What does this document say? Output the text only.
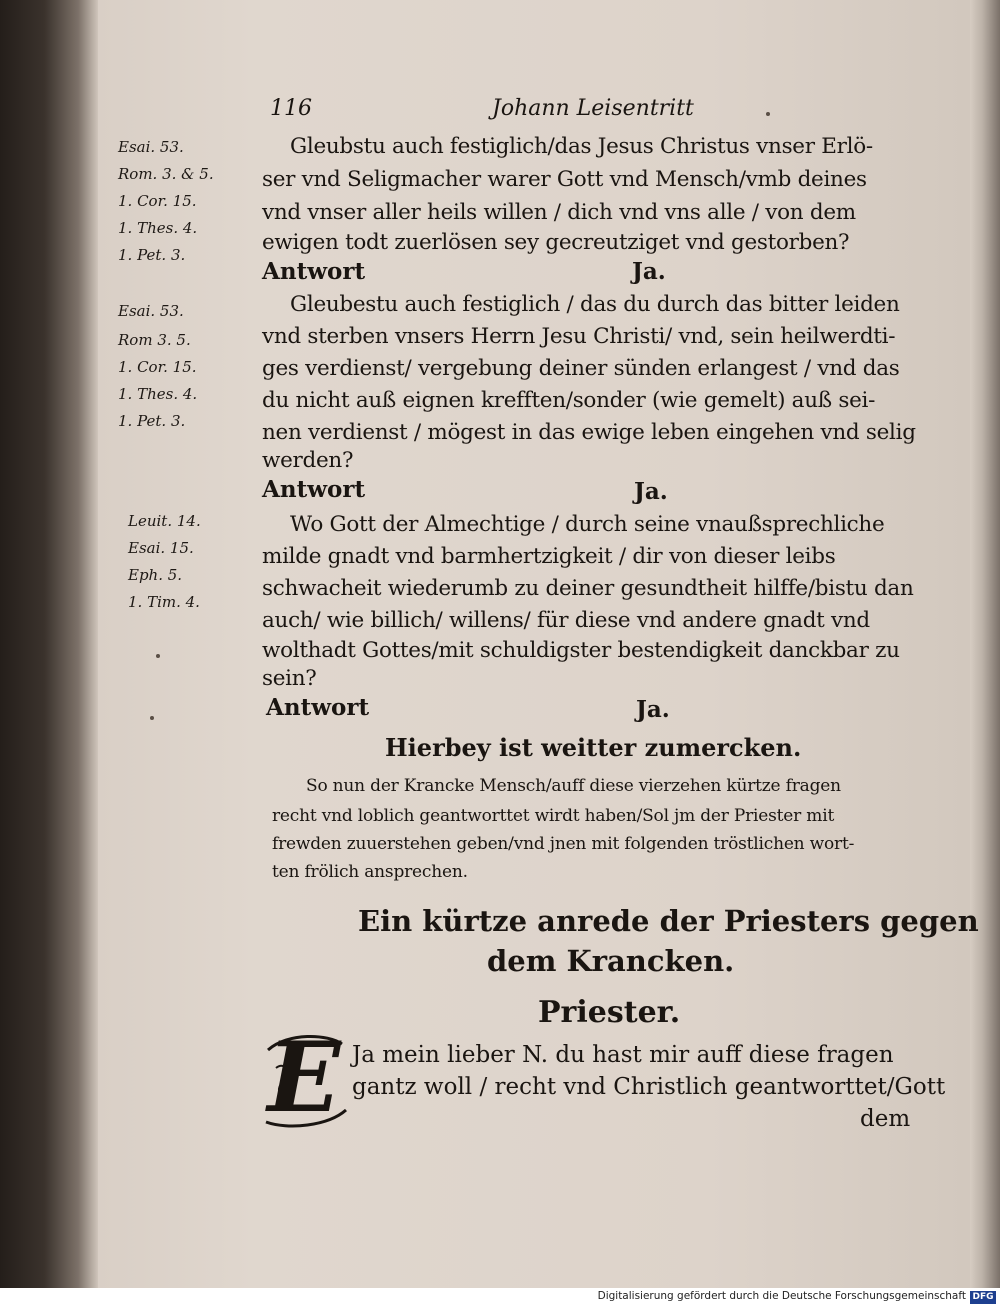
116	Johann Leisentritt
Esai. 53.
Rom. 3. & 5.
1. Cor. 15.
1. Thes. 4.
1. Pet. 3.
Esai. 53.
Rom 3. 5.
1. Cor. 15.
1. Thes. 4.
1. Pet. 3.
Leuit. 14.
Esai. 15.
Eph. 5.
1. Tim. 4.
Gleubstu auch festiglich/das Jesus Christus vnser Erlö-
ser vnd Seligmacher warer Gott vnd Mensch/vmb deines
vnd vnser aller heils willen / dich vnd vns alle / von dem
ewigen todt zuerlösen sey gecreutziget vnd gestorben?
Antwort	Ja.
Gleubestu auch festiglich / das du durch das bitter leiden
vnd sterben vnsers Herrn Jesu Christi/ vnd, sein heilwerdti-
ges verdienst/ vergebung deiner sünden erlangest / vnd das
du nicht auß eignen krefften/sonder (wie gemelt) auß sei-
nen verdienst / mögest in das ewige leben eingehen vnd selig
werden?
Antwort	Ja.
Wo Gott der Almechtige / durch seine vnaußsprechliche
milde gnadt vnd barmhertzigkeit / dir von dieser leibs
schwacheit wiederumb zu deiner gesundtheit hilffe/bistu dan
auch/ wie billich/ willens/ für diese vnd andere gnadt vnd
wolthadt Gottes/mit schuldigster bestendigkeit danckbar zu
sein?
Antwort	Ja.
Hierbey ist weitter zumercken.
So nun der Krancke Mensch/auff diese vierzehen kürtze fragen
recht vnd loblich geantworttet wirdt haben/Sol jm der Priester mit
frewden zuuerstehen geben/vnd jnen mit folgenden tröstlichen wort-
ten frölich ansprechen.
Ein kürtze anrede der Priesters gegen
dem Krancken.
Priester.
E Ja mein lieber N. du hast mir auff diese fragen
gantz woll / recht vnd Christlich geantworttet/Gott
dem
Digitalisierung gefördert durch die Deutsche Forschungsgemeinschaft DFG
